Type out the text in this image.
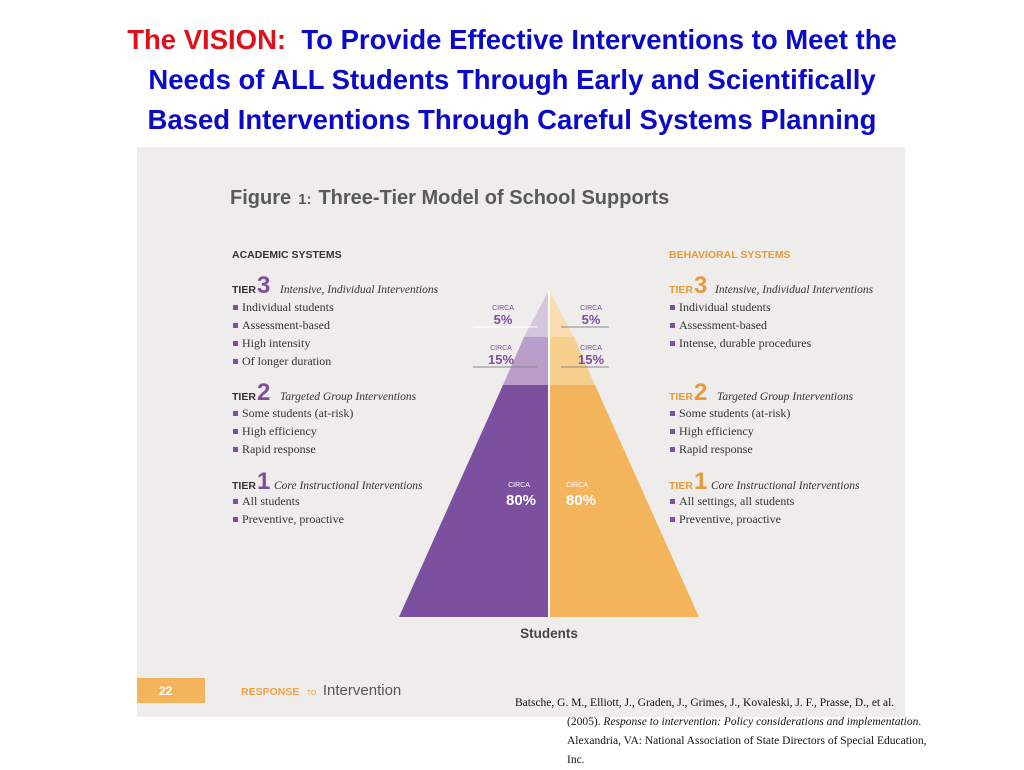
The VISION: To Provide Effective Interventions to Meet the
Needs of ALL Students Through Early and Scientifically
Based Interventions Through Careful Systems Planning
Figure 1: Three-Tier Model of School Supports
ACADEMIC SYSTEMS	BEHAVIORAL SYSTEMS
TIER 3 Intensive, Individual Interventions
Individual students
Assessment-based
High intensity
Of longer duration
TIER 2 Targeted Group Interventions
Some students (at-risk)
High efficiency
Rapid response
TIER 1 Core Instructional Interventions
All students
Preventive, proactive
TIER 3 Intensive, Individual Interventions
Individual students
Assessment-based
Intense, durable procedures
TIER 2 Targeted Group Interventions
Some students (at-risk)
High efficiency
Rapid response
TIER 1 Core Instructional Interventions
All settings, all students
Preventive, proactive
CIRCA
5%
CIRCA
5%
CIRCA
15%
CIRCA
15%
CIRCA
80%
CIRCA
80%
Students
22	RESPONSE TO Intervention
Batsche, G. M., Elliott, J., Graden, J., Grimes, J., Kovaleski, J. F., Prasse, D., et al.
(2005). Response to intervention: Policy considerations and implementation.
Alexandria, VA: National Association of State Directors of Special Education,
Inc.
